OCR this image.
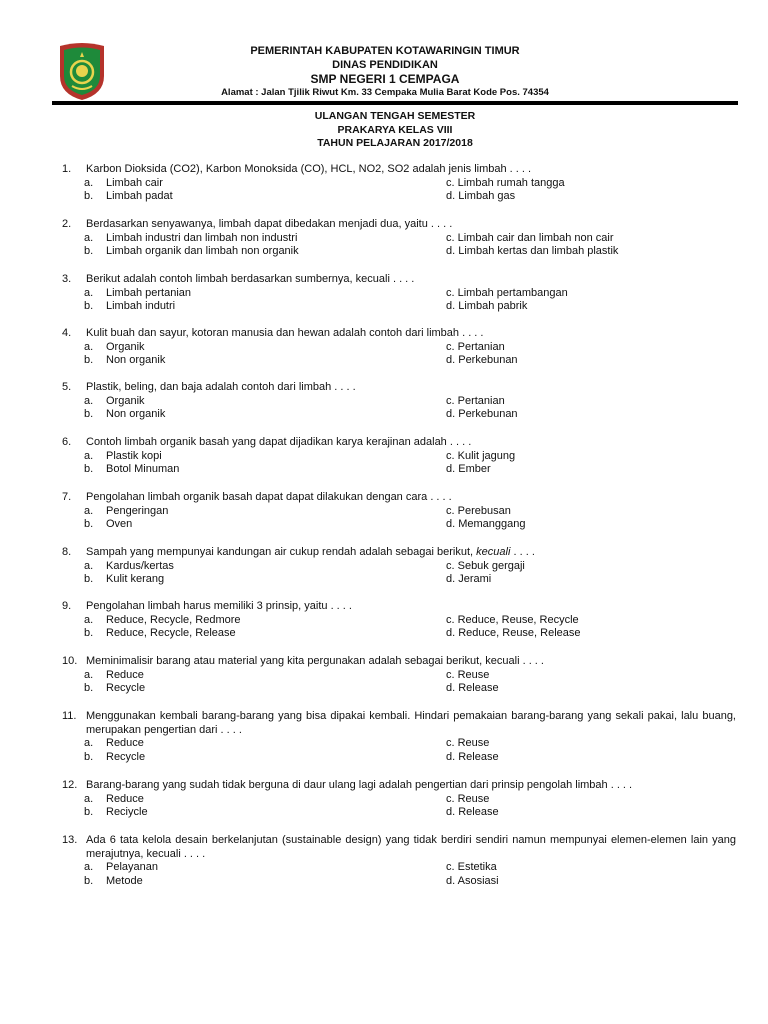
PEMERINTAH KABUPATEN KOTAWARINGIN TIMUR
DINAS PENDIDIKAN
SMP NEGERI 1 CEMPAGA
Alamat : Jalan Tjilik Riwut Km. 33 Cempaka Mulia Barat Kode Pos. 74354
ULANGAN TENGAH SEMESTER
PRAKARYA KELAS VIII
TAHUN PELAJARAN 2017/2018
1.	Karbon Dioksida (CO2), Karbon Monoksida (CO), HCL, NO2, SO2 adalah jenis limbah . . . .
a.	Limbah cair	c. Limbah rumah tangga
b.	Limbah padat	d. Limbah gas
2.	Berdasarkan senyawanya, limbah dapat dibedakan menjadi dua, yaitu . . . .
a.	Limbah industri dan limbah non industri	c. Limbah cair dan limbah non cair
b.	Limbah organik dan limbah non organik	d. Limbah kertas dan limbah plastik
3.	Berikut adalah contoh limbah berdasarkan sumbernya, kecuali . . . .
a.	Limbah pertanian	c. Limbah pertambangan
b.	Limbah indutri	d. Limbah pabrik
4.	Kulit buah dan sayur, kotoran manusia dan hewan adalah contoh dari limbah . . . .
a.	Organik	c. Pertanian
b.	Non organik	d. Perkebunan
5.	Plastik, beling, dan baja adalah contoh dari limbah . . . .
a.	Organik	c. Pertanian
b.	Non organik	d. Perkebunan
6.	Contoh limbah organik basah yang dapat dijadikan karya kerajinan adalah . . . .
a.	Plastik kopi	c. Kulit jagung
b.	Botol Minuman	d. Ember
7.	Pengolahan limbah organik basah dapat dapat dilakukan dengan cara . . . .
a.	Pengeringan	c. Perebusan
b.	Oven	d. Memanggang
8.	Sampah yang mempunyai kandungan air cukup rendah adalah sebagai berikut, kecuali . . . .
a.	Kardus/kertas	c. Sebuk gergaji
b.	Kulit kerang	d. Jerami
9.	Pengolahan limbah harus memiliki 3 prinsip, yaitu . . . .
a.	Reduce, Recycle, Redmore	c. Reduce, Reuse, Recycle
b.	Reduce, Recycle, Release	d. Reduce, Reuse, Release
10. Meminimalisir barang atau material yang kita pergunakan adalah sebagai berikut, kecuali . . . .
a.	Reduce	c. Reuse
b.	Recycle	d. Release
11. Menggunakan kembali barang-barang yang bisa dipakai kembali. Hindari pemakaian barang-barang yang sekali pakai, lalu buang, merupakan pengertian dari . . . .
a.	Reduce	c. Reuse
b.	Recycle	d. Release
12. Barang-barang yang sudah tidak berguna di daur ulang lagi adalah pengertian dari prinsip pengolah limbah . . . .
a.	Reduce	c. Reuse
b.	Reciycle	d. Release
13. Ada 6 tata kelola desain berkelanjutan (sustainable design) yang tidak berdiri sendiri namun mempunyai elemen-elemen lain yang merajutnya, kecuali . . . .
a.	Pelayanan	c. Estetika
b.	Metode	d. Asosiasi
